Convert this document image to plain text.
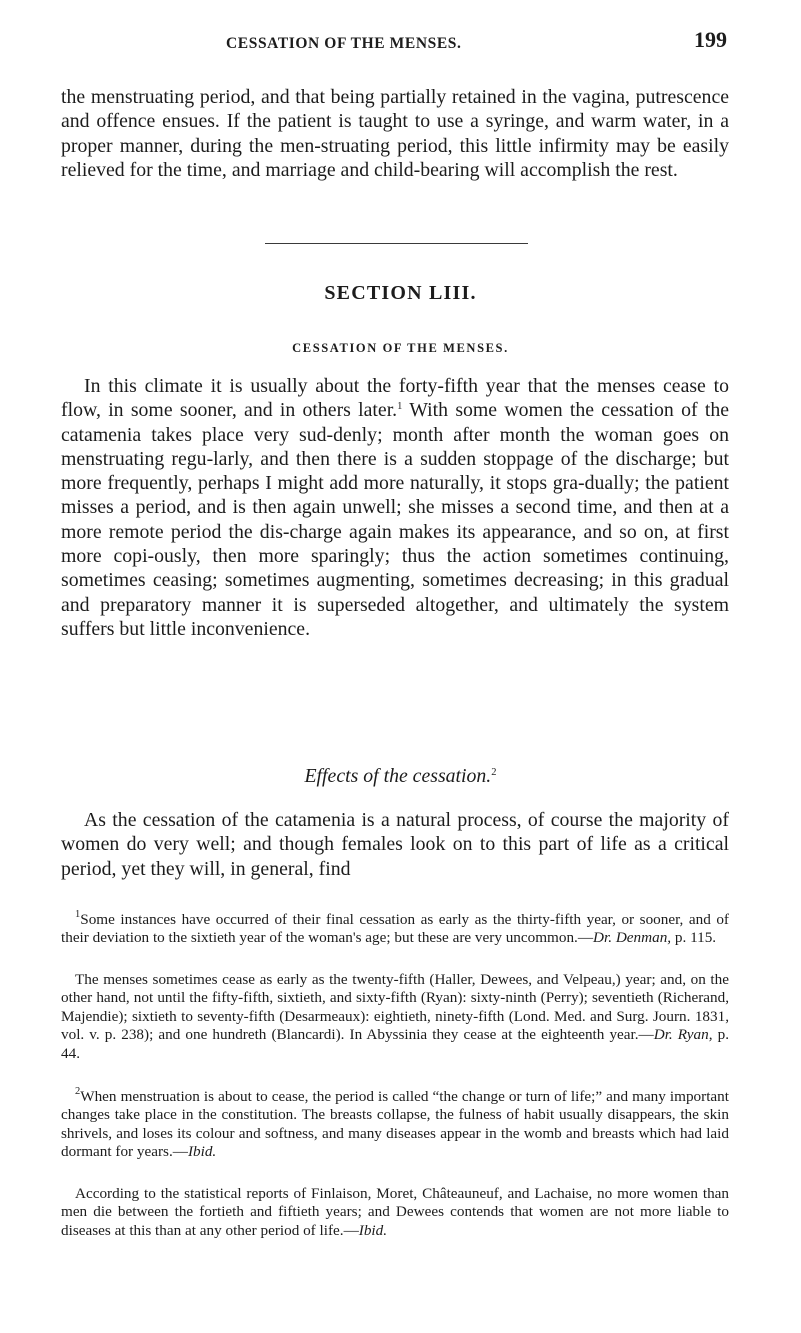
CESSATION OF THE MENSES.	199

the menstruating period, and that being partially retained in the vagina, putrescence and offence ensues. If the patient is taught to use a syringe, and warm water, in a proper manner, during the men-struating period, this little infirmity may be easily relieved for the time, and marriage and child-bearing will accomplish the rest.

SECTION LIII.
CESSATION OF THE MENSES.

In this climate it is usually about the forty-fifth year that the menses cease to flow, in some sooner, and in others later.$^1$ With some women the cessation of the catamenia takes place very sud-denly; month after month the woman goes on menstruating regu-larly, and then there is a sudden stoppage of the discharge; but more frequently, perhaps I might add more naturally, it stops gra-dually; the patient misses a period, and is then again unwell; she misses a second time, and then at a more remote period the dis-charge again makes its appearance, and so on, at first more copi-ously, then more sparingly; thus the action sometimes continuing, sometimes ceasing; sometimes augmenting, sometimes decreasing; in this gradual and preparatory manner it is superseded altogether, and ultimately the system suffers but little inconvenience.

Effects of the cessation.$^2$

As the cessation of the catamenia is a natural process, of course the majority of women do very well; and though females look on to this part of life as a critical period, yet they will, in general, find

$^1$Some instances have occurred of their final cessation as early as the thirty-fifth year, or sooner, and of their deviation to the sixtieth year of the woman's age; but these are very uncommon.—Dr. Denman, p. 115.

The menses sometimes cease as early as the twenty-fifth (Haller, Dewees, and Velpeau,) year; and, on the other hand, not until the fifty-fifth, sixtieth, and sixty-fifth (Ryan): sixty-ninth (Perry); seventieth (Richerand, Majendie); sixtieth to seventy-fifth (Desarmeaux): eightieth, ninety-fifth (Lond. Med. and Surg. Journ. 1831, vol. v. p. 238); and one hundreth (Blancardi). In Abyssinia they cease at the eighteenth year.—Dr. Ryan, p. 44.

$^2$When menstruation is about to cease, the period is called “the change or turn of life;” and many important changes take place in the constitution. The breasts collapse, the fulness of habit usually disappears, the skin shrivels, and loses its colour and softness, and many diseases appear in the womb and breasts which had laid dormant for years.—Ibid.

According to the statistical reports of Finlaison, Moret, Châteauneuf, and Lachaise, no more women than men die between the fortieth and fiftieth years; and Dewees contends that women are not more liable to diseases at this than at any other period of life.—Ibid.
